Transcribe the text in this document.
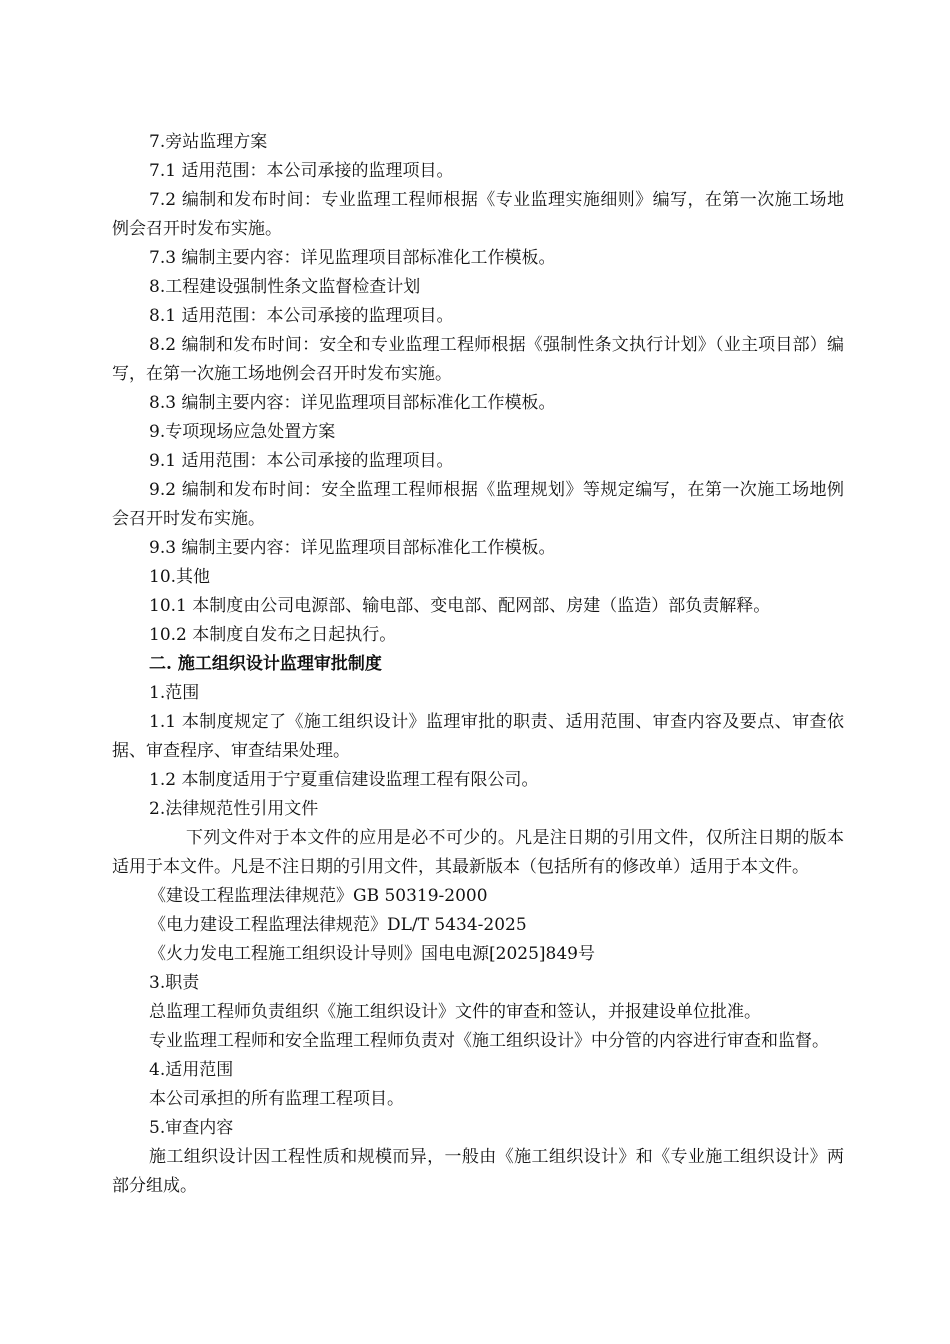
7.旁站监理方案

7.1 适用范围：本公司承接的监理项目。

7.2 编制和发布时间：专业监理工程师根据《专业监理实施细则》编写，在第一次施工场地例会召开时发布实施。

7.3 编制主要内容：详见监理项目部标准化工作模板。

8.工程建设强制性条文监督检查计划

8.1 适用范围：本公司承接的监理项目。

8.2 编制和发布时间：安全和专业监理工程师根据《强制性条文执行计划》（业主项目部）编写，在第一次施工场地例会召开时发布实施。

8.3 编制主要内容：详见监理项目部标准化工作模板。

9.专项现场应急处置方案

9.1 适用范围：本公司承接的监理项目。

9.2 编制和发布时间：安全监理工程师根据《监理规划》等规定编写，在第一次施工场地例会召开时发布实施。

9.3 编制主要内容：详见监理项目部标准化工作模板。

10.其他

10.1 本制度由公司电源部、输电部、变电部、配网部、房建（监造）部负责解释。

10.2 本制度自发布之日起执行。

二. 施工组织设计监理审批制度

1.范围

1.1 本制度规定了《施工组织设计》监理审批的职责、适用范围、审查内容及要点、审查依据、审查程序、审查结果处理。

1.2 本制度适用于宁夏重信建设监理工程有限公司。

2.法律规范性引用文件

下列文件对于本文件的应用是必不可少的。凡是注日期的引用文件，仅所注日期的版本适用于本文件。凡是不注日期的引用文件，其最新版本（包括所有的修改单）适用于本文件。

《建设工程监理法律规范》GB 50319-2000

《电力建设工程监理法律规范》DL/T 5434-2025

《火力发电工程施工组织设计导则》国电电源[2025]849号

3.职责

总监理工程师负责组织《施工组织设计》文件的审查和签认，并报建设单位批准。

专业监理工程师和安全监理工程师负责对《施工组织设计》中分管的内容进行审查和监督。

4.适用范围

本公司承担的所有监理工程项目。

5.审查内容

施工组织设计因工程性质和规模而异，一般由《施工组织设计》和《专业施工组织设计》两部分组成。
